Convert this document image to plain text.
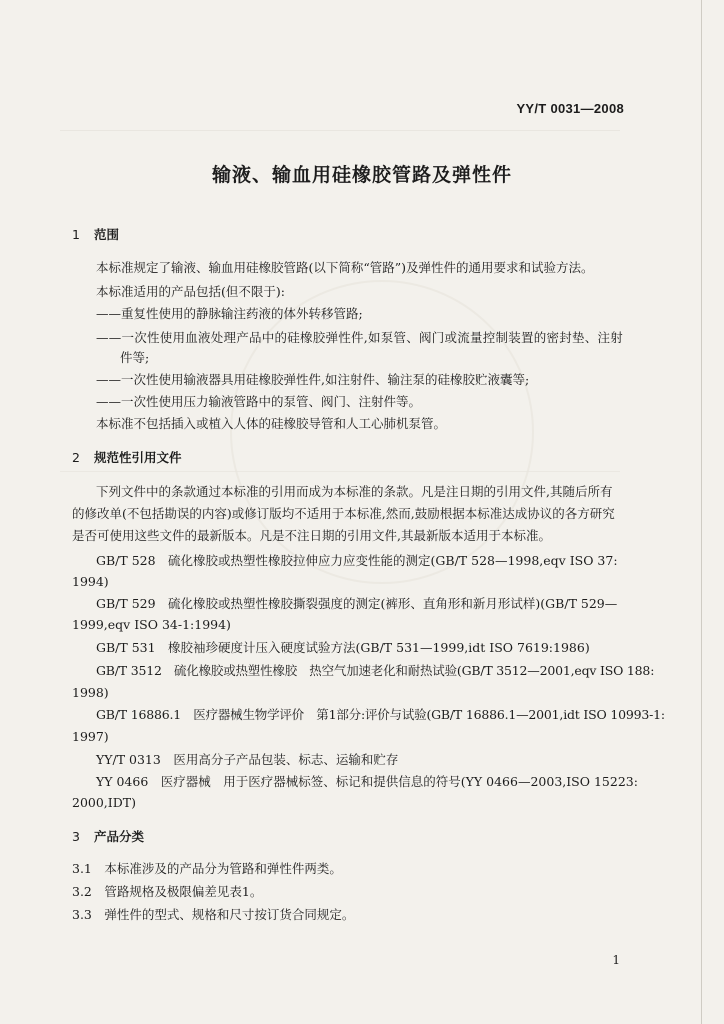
YY/T 0031—2008
输液、输血用硅橡胶管路及弹性件
1 范围
本标准规定了输液、输血用硅橡胶管路(以下简称“管路”)及弹性件的通用要求和试验方法。
本标准适用的产品包括(但不限于):
——重复性使用的静脉输注药液的体外转移管路;
——一次性使用血液处理产品中的硅橡胶弹性件,如泵管、阀门或流量控制装置的密封垫、注射
件等;
——一次性使用输液器具用硅橡胶弹性件,如注射件、输注泵的硅橡胶贮液囊等;
——一次性使用压力输液管路中的泵管、阀门、注射件等。
本标准不包括插入或植入人体的硅橡胶导管和人工心肺机泵管。
2 规范性引用文件
下列文件中的条款通过本标准的引用而成为本标准的条款。凡是注日期的引用文件,其随后所有
的修改单(不包括勘误的内容)或修订版均不适用于本标准,然而,鼓励根据本标准达成协议的各方研究
是否可使用这些文件的最新版本。凡是不注日期的引用文件,其最新版本适用于本标准。
GB/T 528　硫化橡胶或热塑性橡胶拉伸应力应变性能的测定(GB/T 528—1998,eqv ISO 37:
1994)
GB/T 529　硫化橡胶或热塑性橡胶撕裂强度的测定(裤形、直角形和新月形试样)(GB/T 529—
1999,eqv ISO 34-1:1994)
GB/T 531　橡胶袖珍硬度计压入硬度试验方法(GB/T 531—1999,idt ISO 7619:1986)
GB/T 3512　硫化橡胶或热塑性橡胶　热空气加速老化和耐热试验(GB/T 3512—2001,eqv ISO 188:
1998)
GB/T 16886.1　医疗器械生物学评价　第1部分:评价与试验(GB/T 16886.1—2001,idt ISO 10993-1:
1997)
YY/T 0313　医用高分子产品包装、标志、运输和贮存
YY 0466　医疗器械　用于医疗器械标签、标记和提供信息的符号(YY 0466—2003,ISO 15223:
2000,IDT)
3 产品分类
3.1　本标准涉及的产品分为管路和弹性件两类。
3.2　管路规格及极限偏差见表1。
3.3　弹性件的型式、规格和尺寸按订货合同规定。
1
